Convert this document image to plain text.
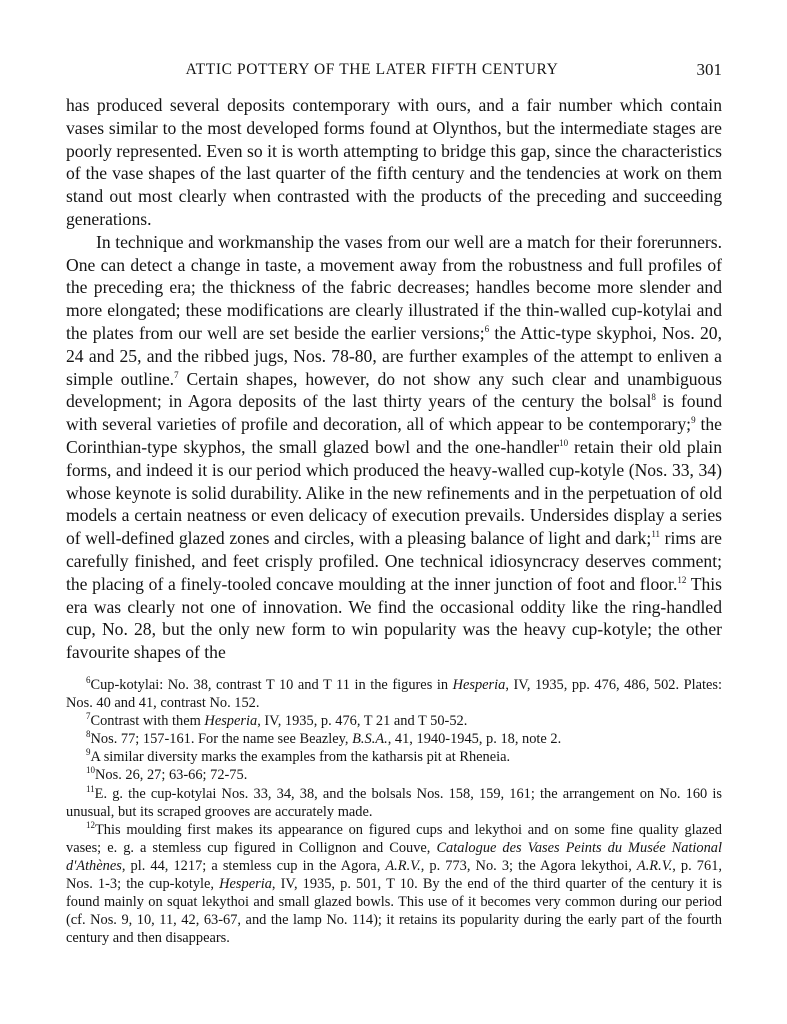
ATTIC POTTERY OF THE LATER FIFTH CENTURY	301

has produced several deposits contemporary with ours, and a fair number which contain vases similar to the most developed forms found at Olynthos, but the intermediate stages are poorly represented. Even so it is worth attempting to bridge this gap, since the characteristics of the vase shapes of the last quarter of the fifth century and the tendencies at work on them stand out most clearly when contrasted with the products of the preceding and succeeding generations.

In technique and workmanship the vases from our well are a match for their forerunners. One can detect a change in taste, a movement away from the robustness and full profiles of the preceding era; the thickness of the fabric decreases; handles become more slender and more elongated; these modifications are clearly illustrated if the thin-walled cup-kotylai and the plates from our well are set beside the earlier versions;$^6$ the Attic-type skyphoi, Nos. 20, 24 and 25, and the ribbed jugs, Nos. 78-80, are further examples of the attempt to enliven a simple outline.$^7$ Certain shapes, however, do not show any such clear and unambiguous development; in Agora deposits of the last thirty years of the century the bolsal$^8$ is found with several varieties of profile and decoration, all of which appear to be contemporary;$^9$ the Corinthian-type skyphos, the small glazed bowl and the one-handler$^{10}$ retain their old plain forms, and indeed it is our period which produced the heavy-walled cup-kotyle (Nos. 33, 34) whose keynote is solid durability. Alike in the new refinements and in the perpetuation of old models a certain neatness or even delicacy of execution prevails. Undersides display a series of well-defined glazed zones and circles, with a pleasing balance of light and dark;$^{11}$ rims are carefully finished, and feet crisply profiled. One technical idiosyncracy deserves comment; the placing of a finely-tooled concave moulding at the inner junction of foot and floor.$^{12}$ This era was clearly not one of innovation. We find the occasional oddity like the ring-handled cup, No. 28, but the only new form to win popularity was the heavy cup-kotyle; the other favourite shapes of the

$^6$Cup-kotylai: No. 38, contrast T 10 and T 11 in the figures in Hesperia, IV, 1935, pp. 476, 486, 502. Plates: Nos. 40 and 41, contrast No. 152.

$^7$Contrast with them Hesperia, IV, 1935, p. 476, T 21 and T 50-52.

$^8$Nos. 77; 157-161. For the name see Beazley, B.S.A., 41, 1940-1945, p. 18, note 2.

$^9$A similar diversity marks the examples from the katharsis pit at Rheneia.

$^{10}$Nos. 26, 27; 63-66; 72-75.

$^{11}$E. g. the cup-kotylai Nos. 33, 34, 38, and the bolsals Nos. 158, 159, 161; the arrangement on No. 160 is unusual, but its scraped grooves are accurately made.

$^{12}$This moulding first makes its appearance on figured cups and lekythoi and on some fine quality glazed vases; e. g. a stemless cup figured in Collignon and Couve, Catalogue des Vases Peints du Musée National d'Athènes, pl. 44, 1217; a stemless cup in the Agora, A.R.V., p. 773, No. 3; the Agora lekythoi, A.R.V., p. 761, Nos. 1-3; the cup-kotyle, Hesperia, IV, 1935, p. 501, T 10. By the end of the third quarter of the century it is found mainly on squat lekythoi and small glazed bowls. This use of it becomes very common during our period (cf. Nos. 9, 10, 11, 42, 63-67, and the lamp No. 114); it retains its popularity during the early part of the fourth century and then disappears.
